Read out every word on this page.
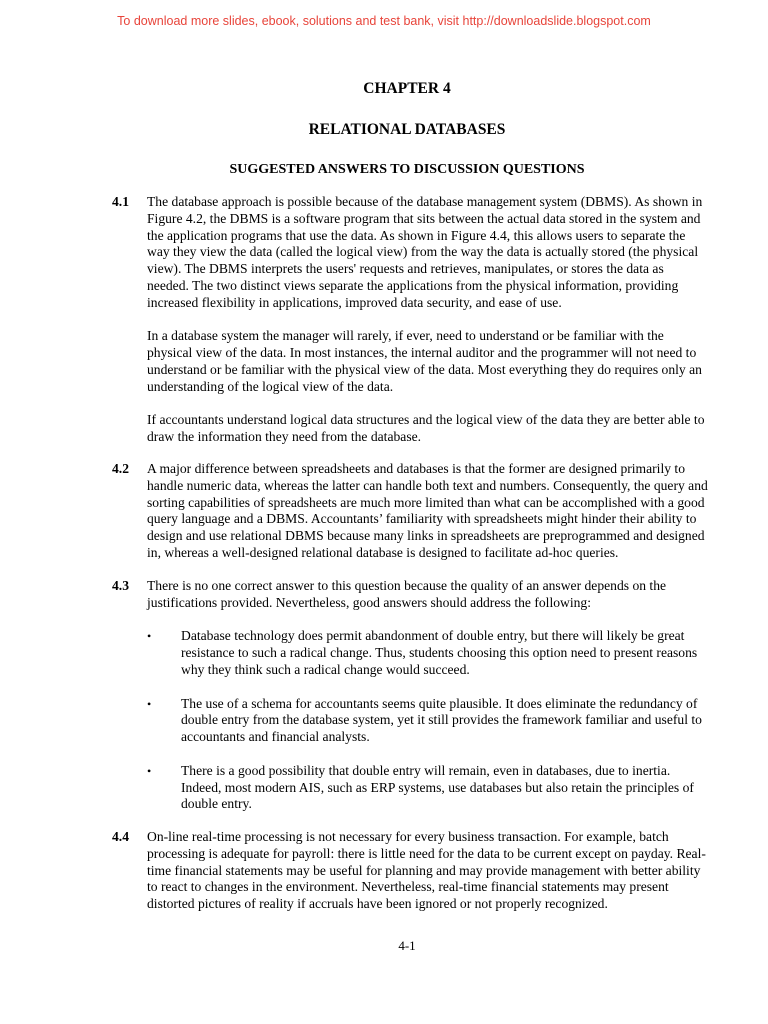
To download more slides, ebook, solutions and test bank, visit http://downloadslide.blogspot.com
CHAPTER 4
RELATIONAL DATABASES
SUGGESTED ANSWERS TO DISCUSSION QUESTIONS
4.1	The database approach is possible because of the database management system (DBMS). As shown in Figure 4.2, the DBMS is a software program that sits between the actual data stored in the system and the application programs that use the data. As shown in Figure 4.4, this allows users to separate the way they view the data (called the logical view) from the way the data is actually stored (the physical view). The DBMS interprets the users' requests and retrieves, manipulates, or stores the data as needed. The two distinct views separate the applications from the physical information, providing increased flexibility in applications, improved data security, and ease of use.

In a database system the manager will rarely, if ever, need to understand or be familiar with the physical view of the data. In most instances, the internal auditor and the programmer will not need to understand or be familiar with the physical view of the data. Most everything they do requires only an understanding of the logical view of the data.

If accountants understand logical data structures and the logical view of the data they are better able to draw the information they need from the database.

4.2	A major difference between spreadsheets and databases is that the former are designed primarily to handle numeric data, whereas the latter can handle both text and numbers. Consequently, the query and sorting capabilities of spreadsheets are much more limited than what can be accomplished with a good query language and a DBMS. Accountants’ familiarity with spreadsheets might hinder their ability to design and use relational DBMS because many links in spreadsheets are preprogrammed and designed in, whereas a well-designed relational database is designed to facilitate ad-hoc queries.

4.3	There is no one correct answer to this question because the quality of an answer depends on the justifications provided. Nevertheless, good answers should address the following:

•	Database technology does permit abandonment of double entry, but there will likely be great resistance to such a radical change. Thus, students choosing this option need to present reasons why they think such a radical change would succeed.
•	The use of a schema for accountants seems quite plausible. It does eliminate the redundancy of double entry from the database system, yet it still provides the framework familiar and useful to accountants and financial analysts.
•	There is a good possibility that double entry will remain, even in databases, due to inertia. Indeed, most modern AIS, such as ERP systems, use databases but also retain the principles of double entry.
4.4	On-line real-time processing is not necessary for every business transaction. For example, batch processing is adequate for payroll: there is little need for the data to be current except on payday. Real-time financial statements may be useful for planning and may provide management with better ability to react to changes in the environment. Nevertheless, real-time financial statements may present distorted pictures of reality if accruals have been ignored or not properly recognized.

4-1
